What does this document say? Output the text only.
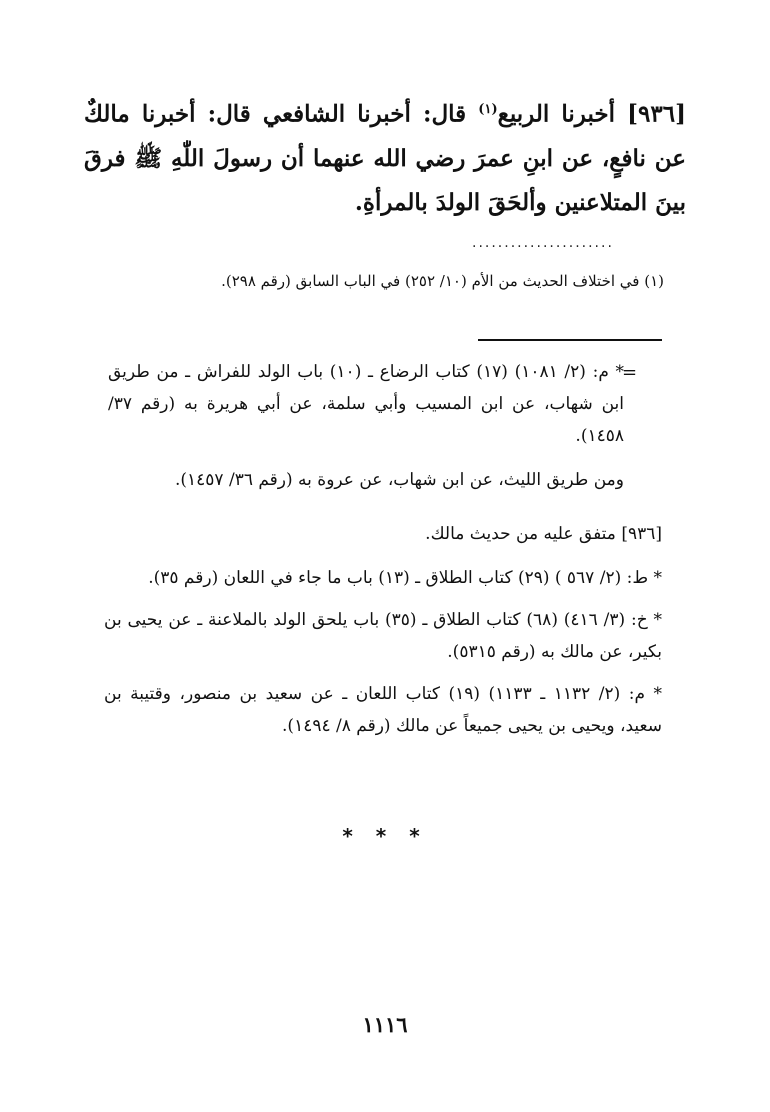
[٩٣٦] أخبرنا الربيع$^{(١)}$ قال: أخبرنا الشافعي قال: أخبرنا مالكٌ عن نافعٍ، عن ابنِ عمرَ رضي الله عنهما أن رسولَ اللّٰهِ ﷺ فرقَ بينَ المتلاعنين وألحَقَ الولدَ بالمرأةِ.

......................
(١) في اختلاف الحديث من الأم (١٠/ ٢٥٢) في الباب السابق (رقم ٢٩٨).
=

* م: (٢/ ١٠٨١) (١٧) كتاب الرضاع ـ (١٠) باب الولد للفراش ـ من طريق ابن شهاب، عن ابن المسيب وأبي سلمة، عن أبي هريرة به (رقم ٣٧/ ١٤٥٨).

ومن طريق الليث، عن ابن شهاب، عن عروة به (رقم ٣٦/ ١٤٥٧).

[٩٣٦] متفق عليه من حديث مالك.

* ط: (٢/ ٥٦٧ ) (٢٩) كتاب الطلاق ـ (١٣) باب ما جاء في اللعان (رقم ٣٥).

* خ: (٣/ ٤١٦) (٦٨) كتاب الطلاق ـ (٣٥) باب يلحق الولد بالملاعنة ـ عن يحيى بن بكير، عن مالك به (رقم ٥٣١٥).

* م: (٢/ ١١٣٢ ـ ١١٣٣) (١٩) كتاب اللعان ـ عن سعيد بن منصور، وقتيبة بن سعيد، ويحيى بن يحيى جميعاً عن مالك (رقم ٨/ ١٤٩٤).

* * *
١١١٦
